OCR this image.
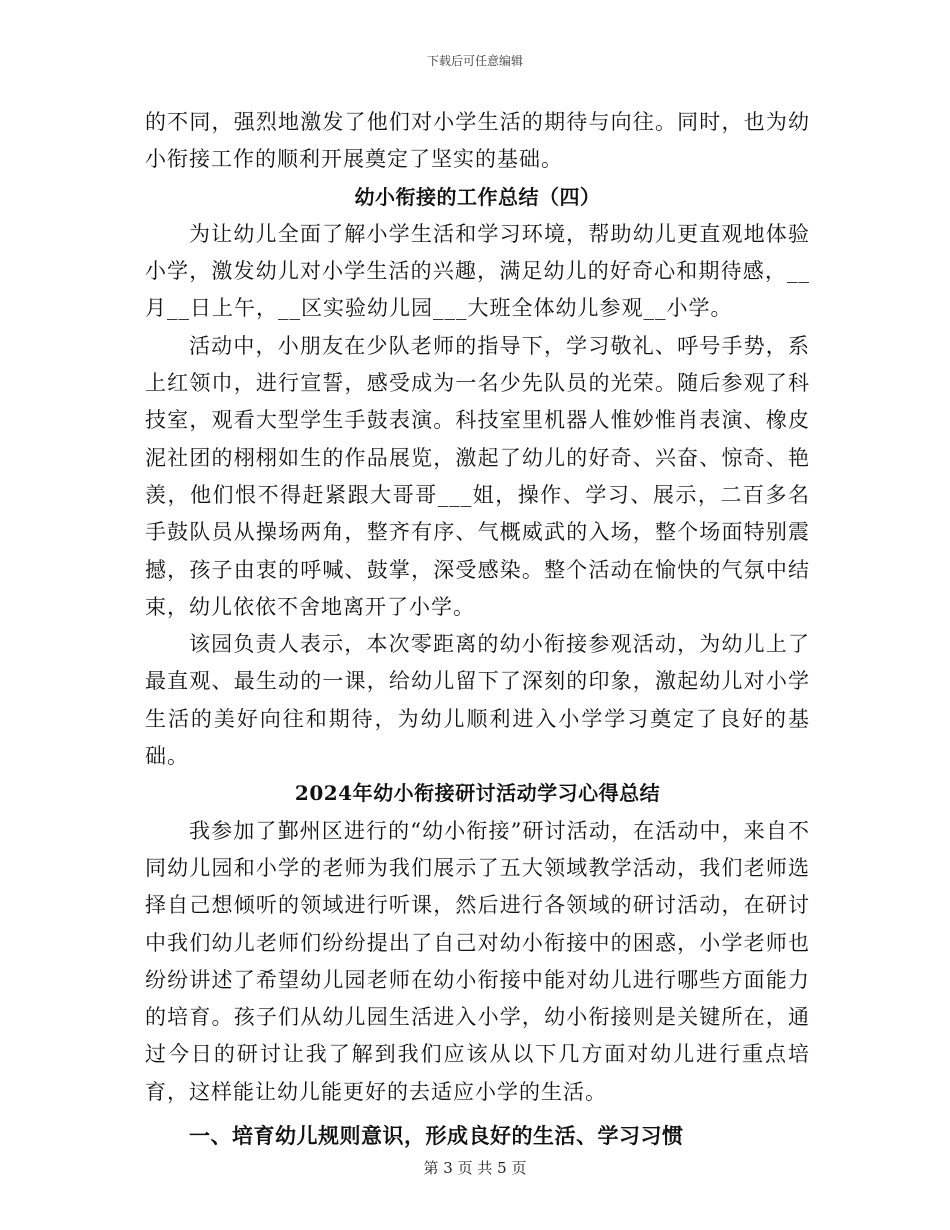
下载后可任意编辑

的不同，强烈地激发了他们对小学生活的期待与向往。同时，也为幼小衔接工作的顺利开展奠定了坚实的基础。

幼小衔接的工作总结（四）

为让幼儿全面了解小学生活和学习环境，帮助幼儿更直观地体验小学，激发幼儿对小学生活的兴趣，满足幼儿的好奇心和期待感，__月__日上午，__区实验幼儿园___大班全体幼儿参观__小学。

活动中，小朋友在少队老师的指导下，学习敬礼、呼号手势，系上红领巾，进行宣誓，感受成为一名少先队员的光荣。随后参观了科技室，观看大型学生手鼓表演。科技室里机器人惟妙惟肖表演、橡皮泥社团的栩栩如生的作品展览，激起了幼儿的好奇、兴奋、惊奇、艳羡，他们恨不得赶紧跟大哥哥___姐，操作、学习、展示，二百多名手鼓队员从操场两角，整齐有序、气概威武的入场，整个场面特别震撼，孩子由衷的呼喊、鼓掌，深受感染。整个活动在愉快的气氛中结束，幼儿依依不舍地离开了小学。

该园负责人表示，本次零距离的幼小衔接参观活动，为幼儿上了最直观、最生动的一课，给幼儿留下了深刻的印象，激起幼儿对小学生活的美好向往和期待，为幼儿顺利进入小学学习奠定了良好的基础。

2024年幼小衔接研讨活动学习心得总结

我参加了鄞州区进行的“幼小衔接”研讨活动，在活动中，来自不同幼儿园和小学的老师为我们展示了五大领域教学活动，我们老师选择自己想倾听的领域进行听课，然后进行各领域的研讨活动，在研讨中我们幼儿老师们纷纷提出了自己对幼小衔接中的困惑，小学老师也纷纷讲述了希望幼儿园老师在幼小衔接中能对幼儿进行哪些方面能力的培育。孩子们从幼儿园生活进入小学，幼小衔接则是关键所在，通过今日的研讨让我了解到我们应该从以下几方面对幼儿进行重点培育，这样能让幼儿能更好的去适应小学的生活。

一、培育幼儿规则意识，形成良好的生活、学习习惯

第 3 页 共 5 页
